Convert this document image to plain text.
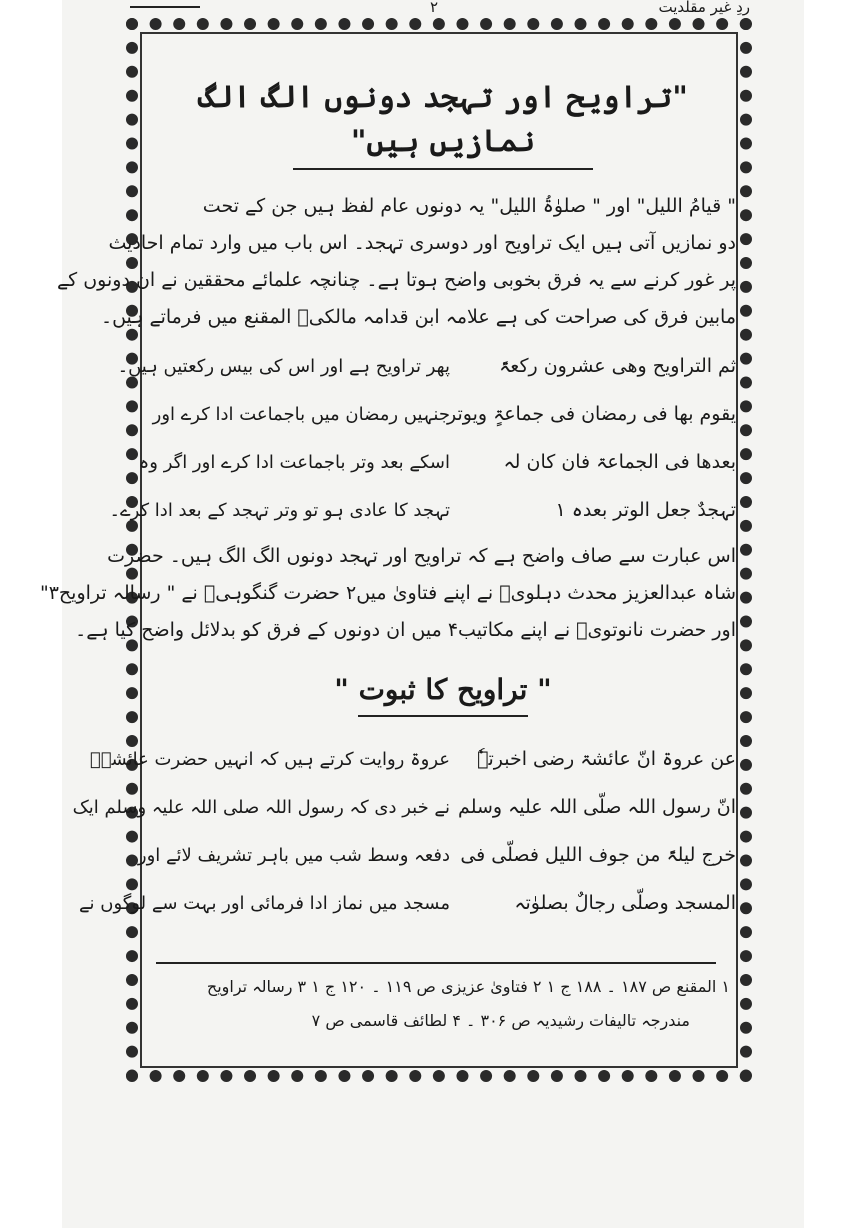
ردِ غیر مقلدیت
۲
"تراویح اور تہجد دونوں الگ الگ نمازیں ہیں"

" قیامُ اللیل" اور " صلوٰۃُ اللیل" یہ دونوں عام لفظ ہیں جن کے تحت

دو نمازیں آتی ہیں ایک تراویح اور دوسری تہجد۔ اس باب میں وارد تمام احادیث

پر غور کرنے سے یہ فرق بخوبی واضح ہوتا ہے۔ چنانچہ علمائے محققین نے ان دونوں کے

مابین فرق کی صراحت کی ہے علامہ ابن قدامہ مالکیؒ المقنع میں فرماتے ہیں۔

ثم التراویح وھی عشرون رکعۃً
پھر تراویح ہے اور اس کی بیس رکعتیں ہیں۔
یقوم بھا فی رمضان فی جماعۃٍ ویوتر
جنہیں رمضان میں باجماعت ادا کرے اور
بعدھا فی الجماعۃ فان کان لہ
اسکے بعد وتر باجماعت ادا کرے اور اگر وہ
تہجدٌ جعل الوتر بعدہ ۱
تہجد کا عادی ہو تو وتر تہجد کے بعد ادا کرے۔

اس عبارت سے صاف واضح ہے کہ تراویح اور تہجد دونوں الگ الگ ہیں۔ حضرت

شاہ عبدالعزیز محدث دہلویؒ نے اپنے فتاویٰ میں۲ حضرت گنگوہیؒ نے " رسالہ تراویح۳"

اور حضرت نانوتویؒ نے اپنے مکاتیب۴ میں ان دونوں کے فرق کو بدلائل واضح کیا ہے۔

" تراویح کا ثبوت "
عن عروۃ انّ عائشۃ رضی اخبرتہٗ
عروۃ روایت کرتے ہیں کہ انہیں حضرت عائشہؓ
انّ رسول اللہ صلّی اللہ علیہ وسلم
نے خبر دی کہ رسول اللہ صلی اللہ علیہ وسلم ایک
خرج لیلۃً من جوف اللیل فصلّی فی
دفعہ وسط شب میں باہر تشریف لائے اور
المسجد وصلّی رجالٌ بصلوٰتہ
مسجد میں نماز ادا فرمائی اور بہت سے لوگوں نے

۱ المقنع ص ۱۸۷ ۔ ۱۸۸ ج ۱ ۲ فتاویٰ عزیزی ص ۱۱۹ ۔ ۱۲۰ ج ۱ ۳ رسالہ تراویح

مندرجہ تالیفات رشیدیہ ص ۳۰۶ ۔ ۴ لطائف قاسمی ص ۷
